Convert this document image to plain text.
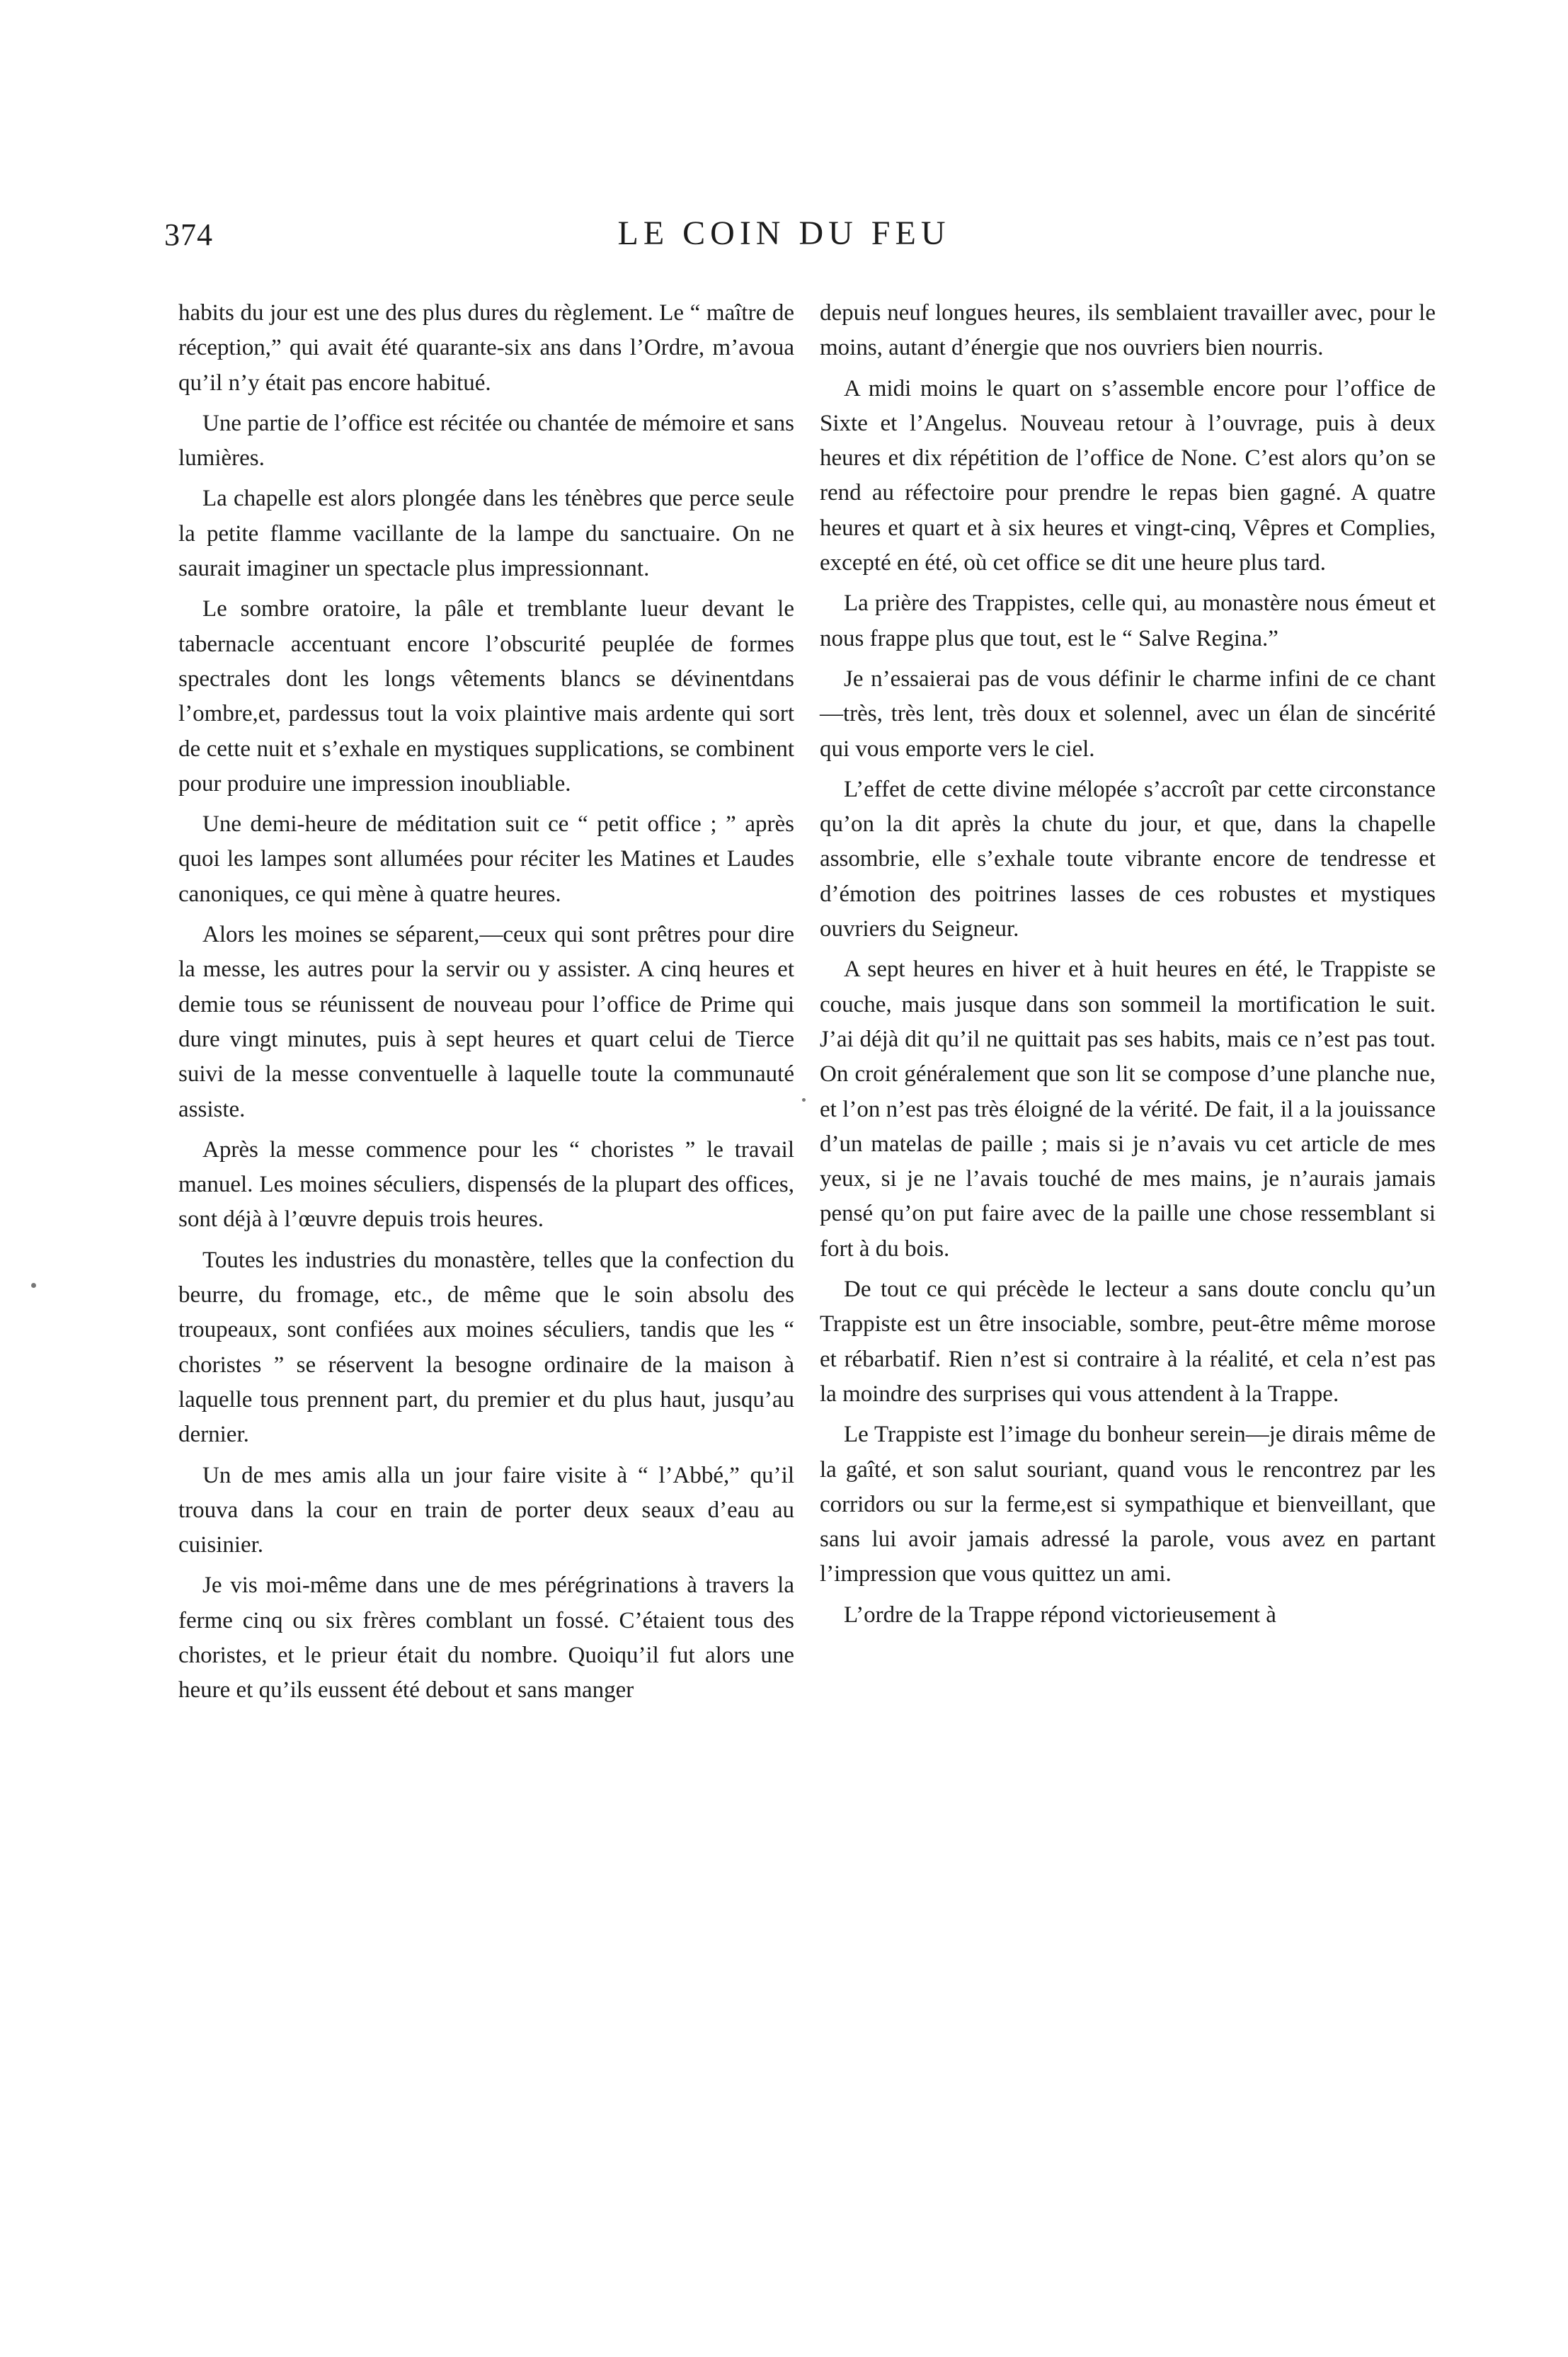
374	LE COIN DU FEU

habits du jour est une des plus dures du règlement. Le “ maître de réception,” qui avait été quarante-six ans dans l’Ordre, m’avoua qu’il n’y était pas encore habitué.

Une partie de l’office est récitée ou chantée de mémoire et sans lumières.

La chapelle est alors plongée dans les ténèbres que perce seule la petite flamme vacillante de la lampe du sanctuaire. On ne saurait imaginer un spectacle plus impressionnant.

Le sombre oratoire, la pâle et tremblante lueur devant le tabernacle accentuant encore l’obscurité peuplée de formes spectrales dont les longs vêtements blancs se dévinentdans l’ombre,et, pardessus tout la voix plaintive mais ardente qui sort de cette nuit et s’exhale en mystiques supplications, se combinent pour produire une impression inoubliable.

Une demi-heure de méditation suit ce “ petit office ; ” après quoi les lampes sont allumées pour réciter les Matines et Laudes canoniques, ce qui mène à quatre heures.

Alors les moines se séparent,—ceux qui sont prêtres pour dire la messe, les autres pour la servir ou y assister. A cinq heures et demie tous se réunissent de nouveau pour l’office de Prime qui dure vingt minutes, puis à sept heures et quart celui de Tierce suivi de la messe conventuelle à laquelle toute la communauté assiste.

Après la messe commence pour les “ choristes ” le travail manuel. Les moines séculiers, dispensés de la plupart des offices, sont déjà à l’œuvre depuis trois heures.

Toutes les industries du monastère, telles que la confection du beurre, du fromage, etc., de même que le soin absolu des troupeaux, sont confiées aux moines séculiers, tandis que les “ choristes ” se réservent la besogne ordinaire de la maison à laquelle tous prennent part, du premier et du plus haut, jusqu’au dernier.

Un de mes amis alla un jour faire visite à “ l’Abbé,” qu’il trouva dans la cour en train de porter deux seaux d’eau au cuisinier.

Je vis moi-même dans une de mes pérégrinations à travers la ferme cinq ou six frères comblant un fossé. C’étaient tous des choristes, et le prieur était du nombre. Quoiqu’il fut alors une heure et qu’ils eussent été debout et sans manger

depuis neuf longues heures, ils semblaient travailler avec, pour le moins, autant d’énergie que nos ouvriers bien nourris.

A midi moins le quart on s’assemble encore pour l’office de Sixte et l’Angelus. Nouveau retour à l’ouvrage, puis à deux heures et dix répétition de l’office de None. C’est alors qu’on se rend au réfectoire pour prendre le repas bien gagné. A quatre heures et quart et à six heures et vingt-cinq, Vêpres et Complies, excepté en été, où cet office se dit une heure plus tard.

La prière des Trappistes, celle qui, au monastère nous émeut et nous frappe plus que tout, est le “ Salve Regina.”

Je n’essaierai pas de vous définir le charme infini de ce chant—très, très lent, très doux et solennel, avec un élan de sincérité qui vous emporte vers le ciel.

L’effet de cette divine mélopée s’accroît par cette circonstance qu’on la dit après la chute du jour, et que, dans la chapelle assombrie, elle s’exhale toute vibrante encore de tendresse et d’émotion des poitrines lasses de ces robustes et mystiques ouvriers du Seigneur.

A sept heures en hiver et à huit heures en été, le Trappiste se couche, mais jusque dans son sommeil la mortification le suit. J’ai déjà dit qu’il ne quittait pas ses habits, mais ce n’est pas tout. On croit généralement que son lit se compose d’une planche nue, et l’on n’est pas très éloigné de la vérité. De fait, il a la jouissance d’un matelas de paille ; mais si je n’avais vu cet article de mes yeux, si je ne l’avais touché de mes mains, je n’aurais jamais pensé qu’on put faire avec de la paille une chose ressemblant si fort à du bois.

De tout ce qui précède le lecteur a sans doute conclu qu’un Trappiste est un être insociable, sombre, peut-être même morose et rébarbatif. Rien n’est si contraire à la réalité, et cela n’est pas la moindre des surprises qui vous attendent à la Trappe.

Le Trappiste est l’image du bonheur serein—je dirais même de la gaîté, et son salut souriant, quand vous le rencontrez par les corridors ou sur la ferme,est si sympathique et bienveillant, que sans lui avoir jamais adressé la parole, vous avez en partant l’impression que vous quittez un ami.

L’ordre de la Trappe répond victorieusement à
